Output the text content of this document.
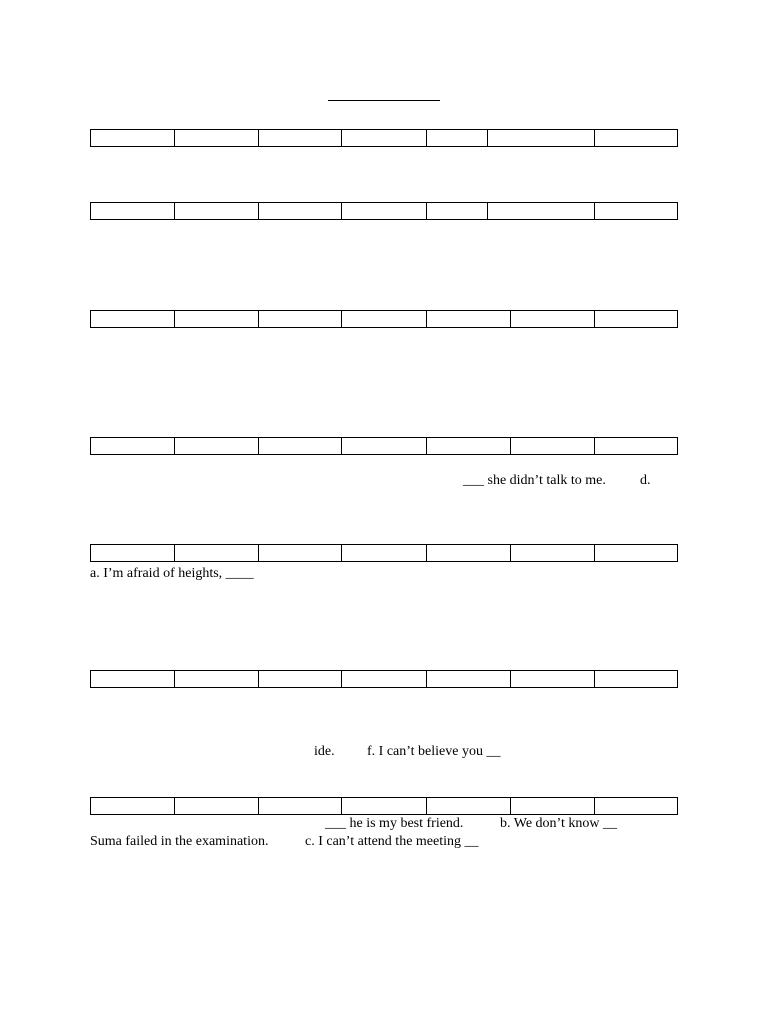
___ she didn’t talk to me. d.
a. I’m afraid of heights, ____
ide. f. I can’t believe you __
___ he is my best friend.	b. We don’t know __
Suma failed in the examination.	c. I can’t attend the meeting __
